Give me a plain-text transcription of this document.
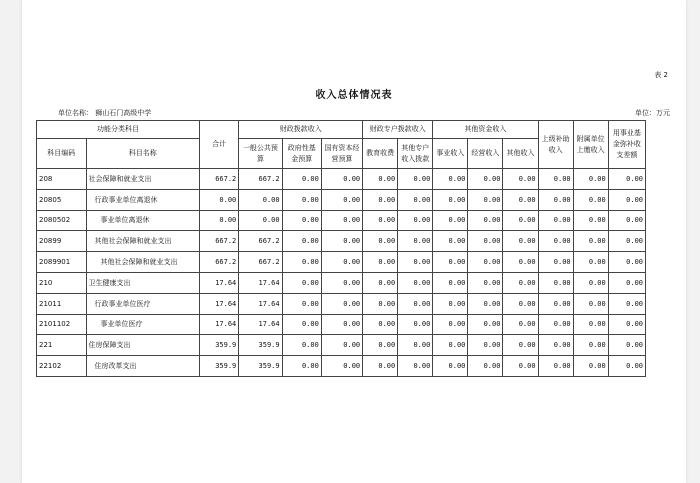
表 2
收入总体情况表
单位名称： 狮山石门高级中学	单位：万元
功能分类科目		合计	财政拨款收入			财政专户拨款收入		其他资金收入			上级补助收入	附属单位上缴收入	用事业基金弥补收支差额
科目编码	科目名称		一般公共预算	政府性基金预算	国有资本经营预算	教育收费	其他专户收入拨款	事业收入	经营收入	其他收入			
208	社会保障和就业支出	667.2	667.2	0.00	0.00	0.00	0.00	0.00	0.00	0.00	0.00	0.00	0.00
20805	行政事业单位离退休	0.00	0.00	0.00	0.00	0.00	0.00	0.00	0.00	0.00	0.00	0.00	0.00
2080502	事业单位离退休	0.00	0.00	0.00	0.00	0.00	0.00	0.00	0.00	0.00	0.00	0.00	0.00
20899	其他社会保障和就业支出	667.2	667.2	0.00	0.00	0.00	0.00	0.00	0.00	0.00	0.00	0.00	0.00
2089901	其他社会保障和就业支出	667.2	667.2	0.00	0.00	0.00	0.00	0.00	0.00	0.00	0.00	0.00	0.00
210	卫生健康支出	17.64	17.64	0.00	0.00	0.00	0.00	0.00	0.00	0.00	0.00	0.00	0.00
21011	行政事业单位医疗	17.64	17.64	0.00	0.00	0.00	0.00	0.00	0.00	0.00	0.00	0.00	0.00
2101102	事业单位医疗	17.64	17.64	0.00	0.00	0.00	0.00	0.00	0.00	0.00	0.00	0.00	0.00
221	住房保障支出	359.9	359.9	0.00	0.00	0.00	0.00	0.00	0.00	0.00	0.00	0.00	0.00
22102	住房改革支出	359.9	359.9	0.00	0.00	0.00	0.00	0.00	0.00	0.00	0.00	0.00	0.00
